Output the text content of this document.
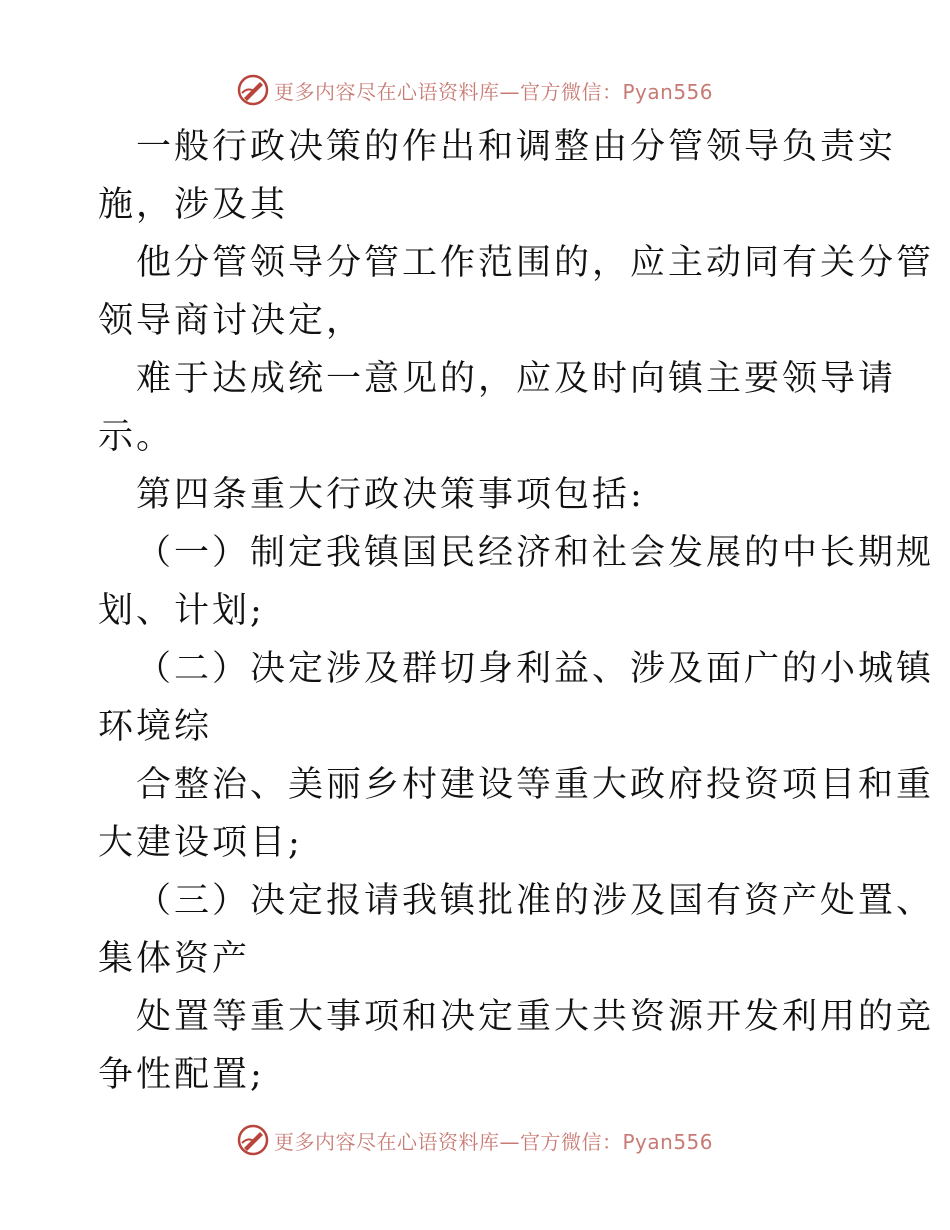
更多内容尽在心语资料库—官方微信：Pyan556
一般行政决策的作出和调整由分管领导负责实
施，涉及其
他分管领导分管工作范围的，应主动同有关分管
领导商讨决定，
难于达成统一意见的，应及时向镇主要领导请
示。
第四条重大行政决策事项包括:
（一）制定我镇国民经济和社会发展的中长期规
划、计划;
（二）决定涉及群切身利益、涉及面广的小城镇
环境综
合整治、美丽乡村建设等重大政府投资项目和重
大建设项目;
（三）决定报请我镇批准的涉及国有资产处置、
集体资产
处置等重大事项和决定重大共资源开发利用的竞
争性配置;
更多内容尽在心语资料库—官方微信：Pyan556
